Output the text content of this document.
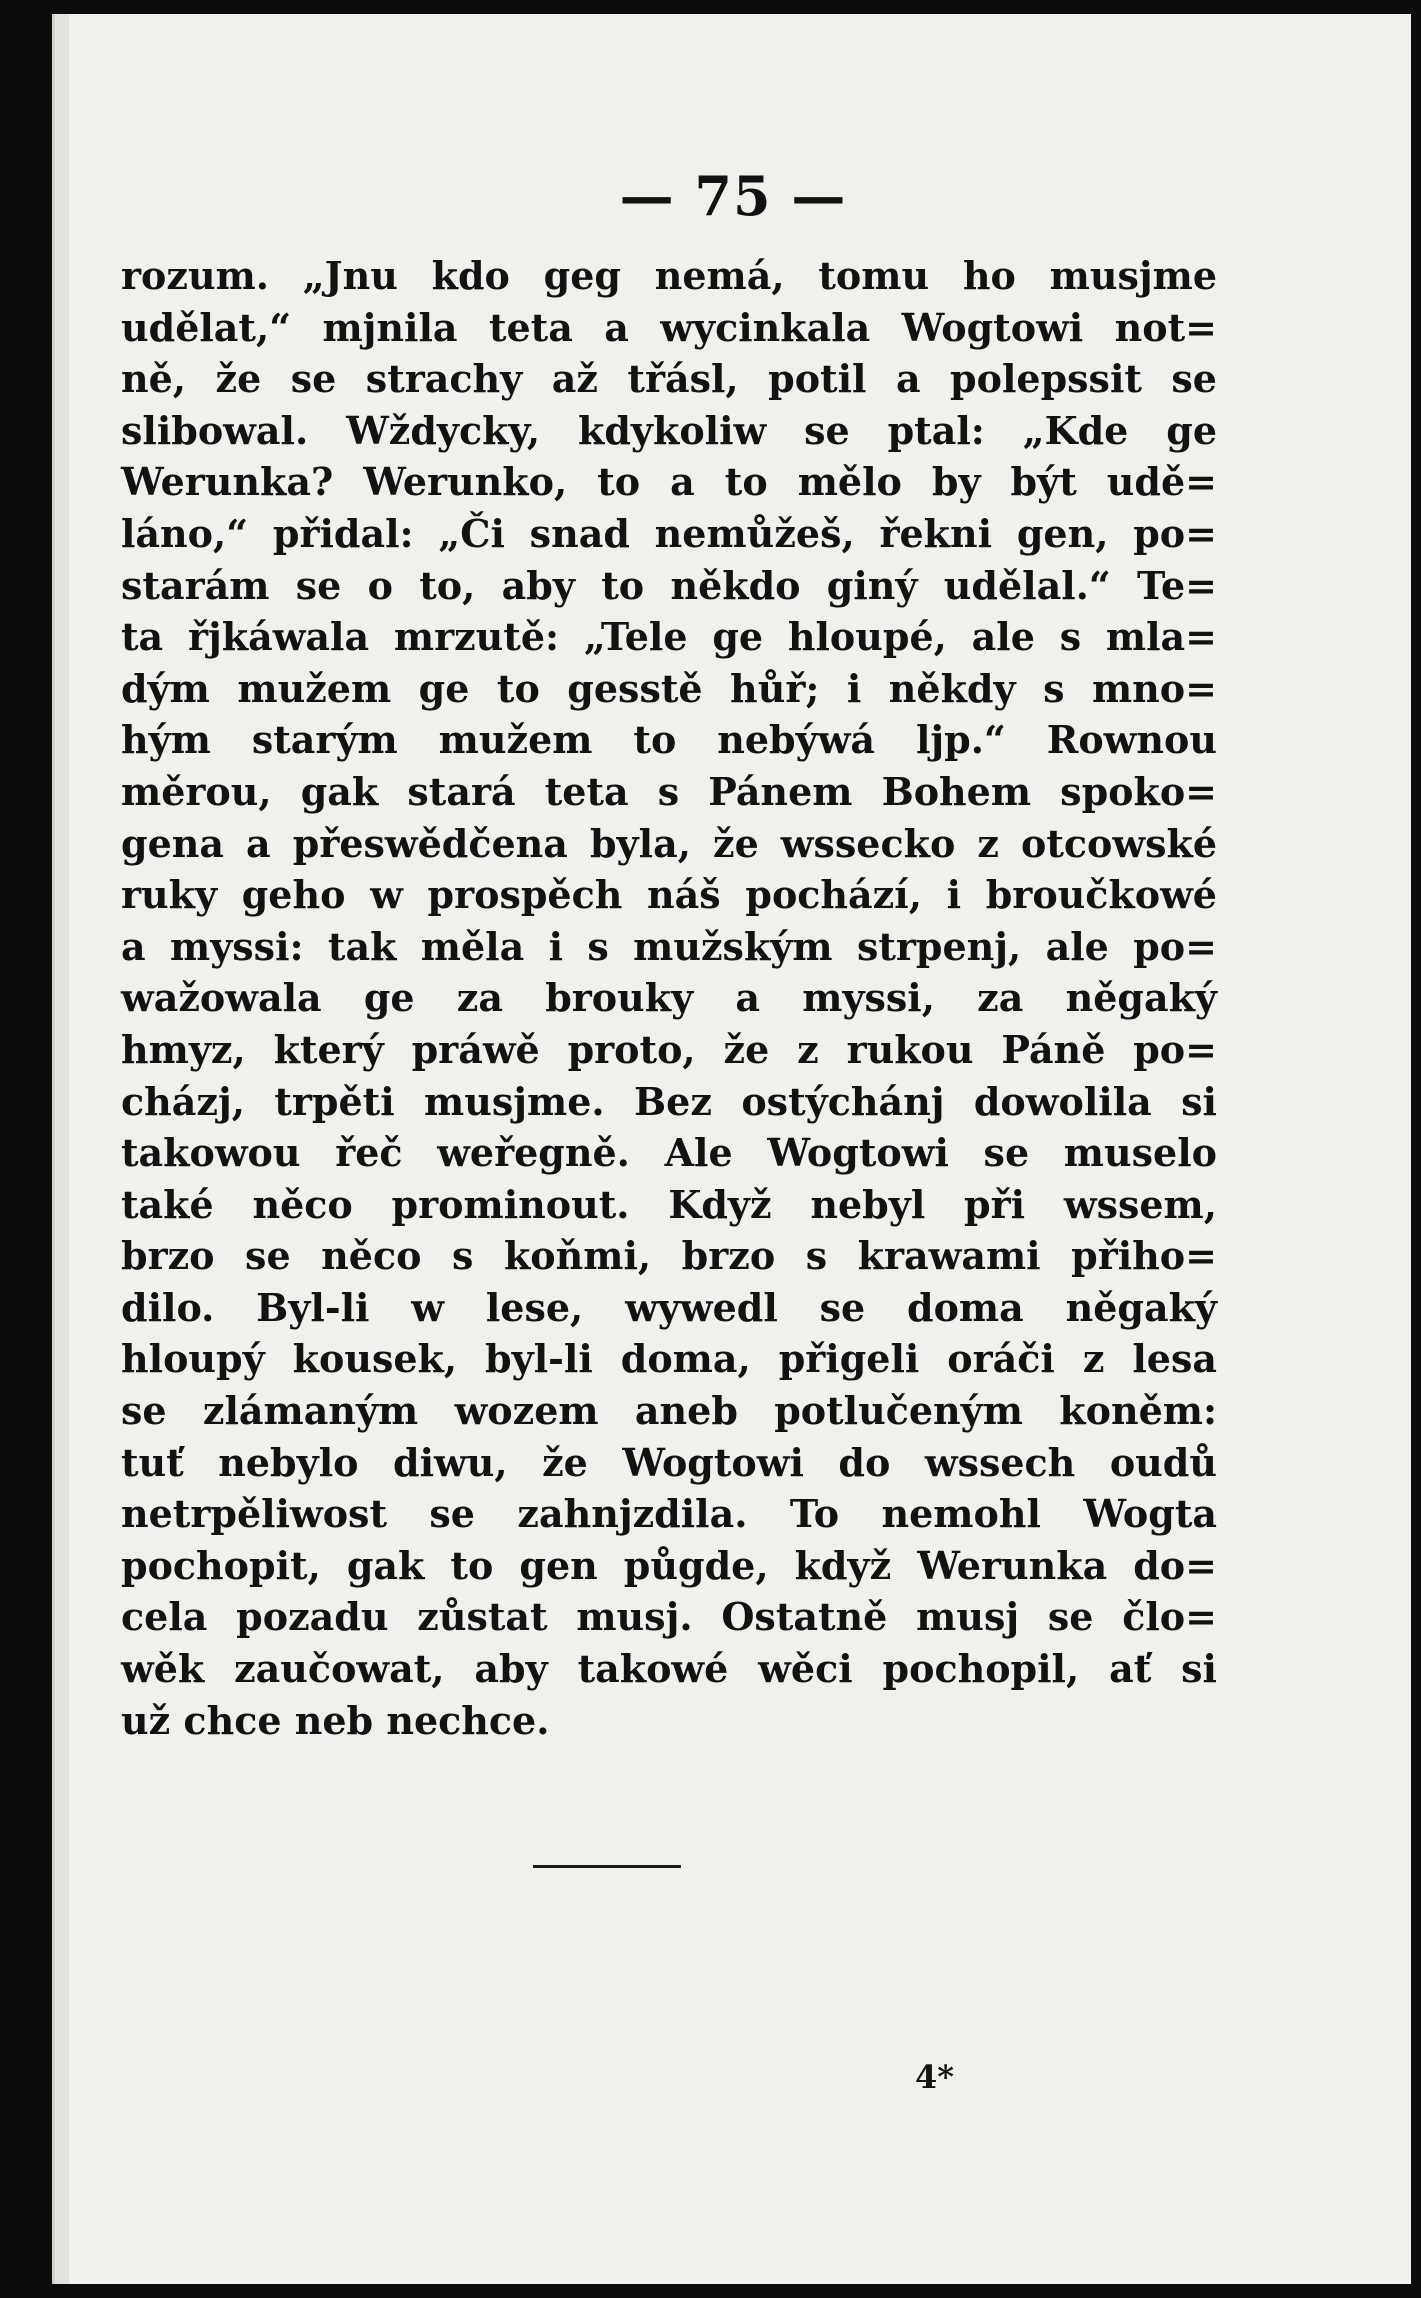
— 75 —
rozum. „Jnu kdo geg nemá, tomu ho musjme
udělat,“ mjnila teta a wycinkala Wogtowi not=
ně, že se strachy až třásl, potil a polepssit se
slibowal. Wždycky, kdykoliw se ptal: „Kde ge
Werunka? Werunko, to a to mělo by být udě=
láno,“ přidal: „Či snad nemůžeš, řekni gen, po=
starám se o to, aby to někdo giný udělal.“ Te=
ta řjkáwala mrzutě: „Tele ge hloupé, ale s mla=
dým mužem ge to gesstě hůř; i někdy s mno=
hým starým mužem to nebýwá ljp.“ Rownou
měrou, gak stará teta s Pánem Bohem spoko=
gena a přeswědčena byla, že wssecko z otcowské
ruky geho w prospěch náš pochází, i broučkowé
a myssi: tak měla i s mužským strpenj, ale po=
wažowala ge za brouky a myssi, za něgaký
hmyz, který práwě proto, že z rukou Páně po=
cházj, trpěti musjme. Bez ostýchánj dowolila si
takowou řeč weřegně. Ale Wogtowi se muselo
také něco prominout. Když nebyl při wssem,
brzo se něco s koňmi, brzo s krawami přiho=
dilo. Byl-li w lese, wywedl se doma něgaký
hloupý kousek, byl-li doma, přigeli oráči z lesa
se zlámaným wozem aneb potlučeným koněm:
tuť nebylo diwu, že Wogtowi do wssech oudů
netrpěliwost se zahnjzdila. To nemohl Wogta
pochopit, gak to gen půgde, když Werunka do=
cela pozadu zůstat musj. Ostatně musj se člo=
wěk zaučowat, aby takowé wěci pochopil, ať si
už chce neb nechce.
4*
